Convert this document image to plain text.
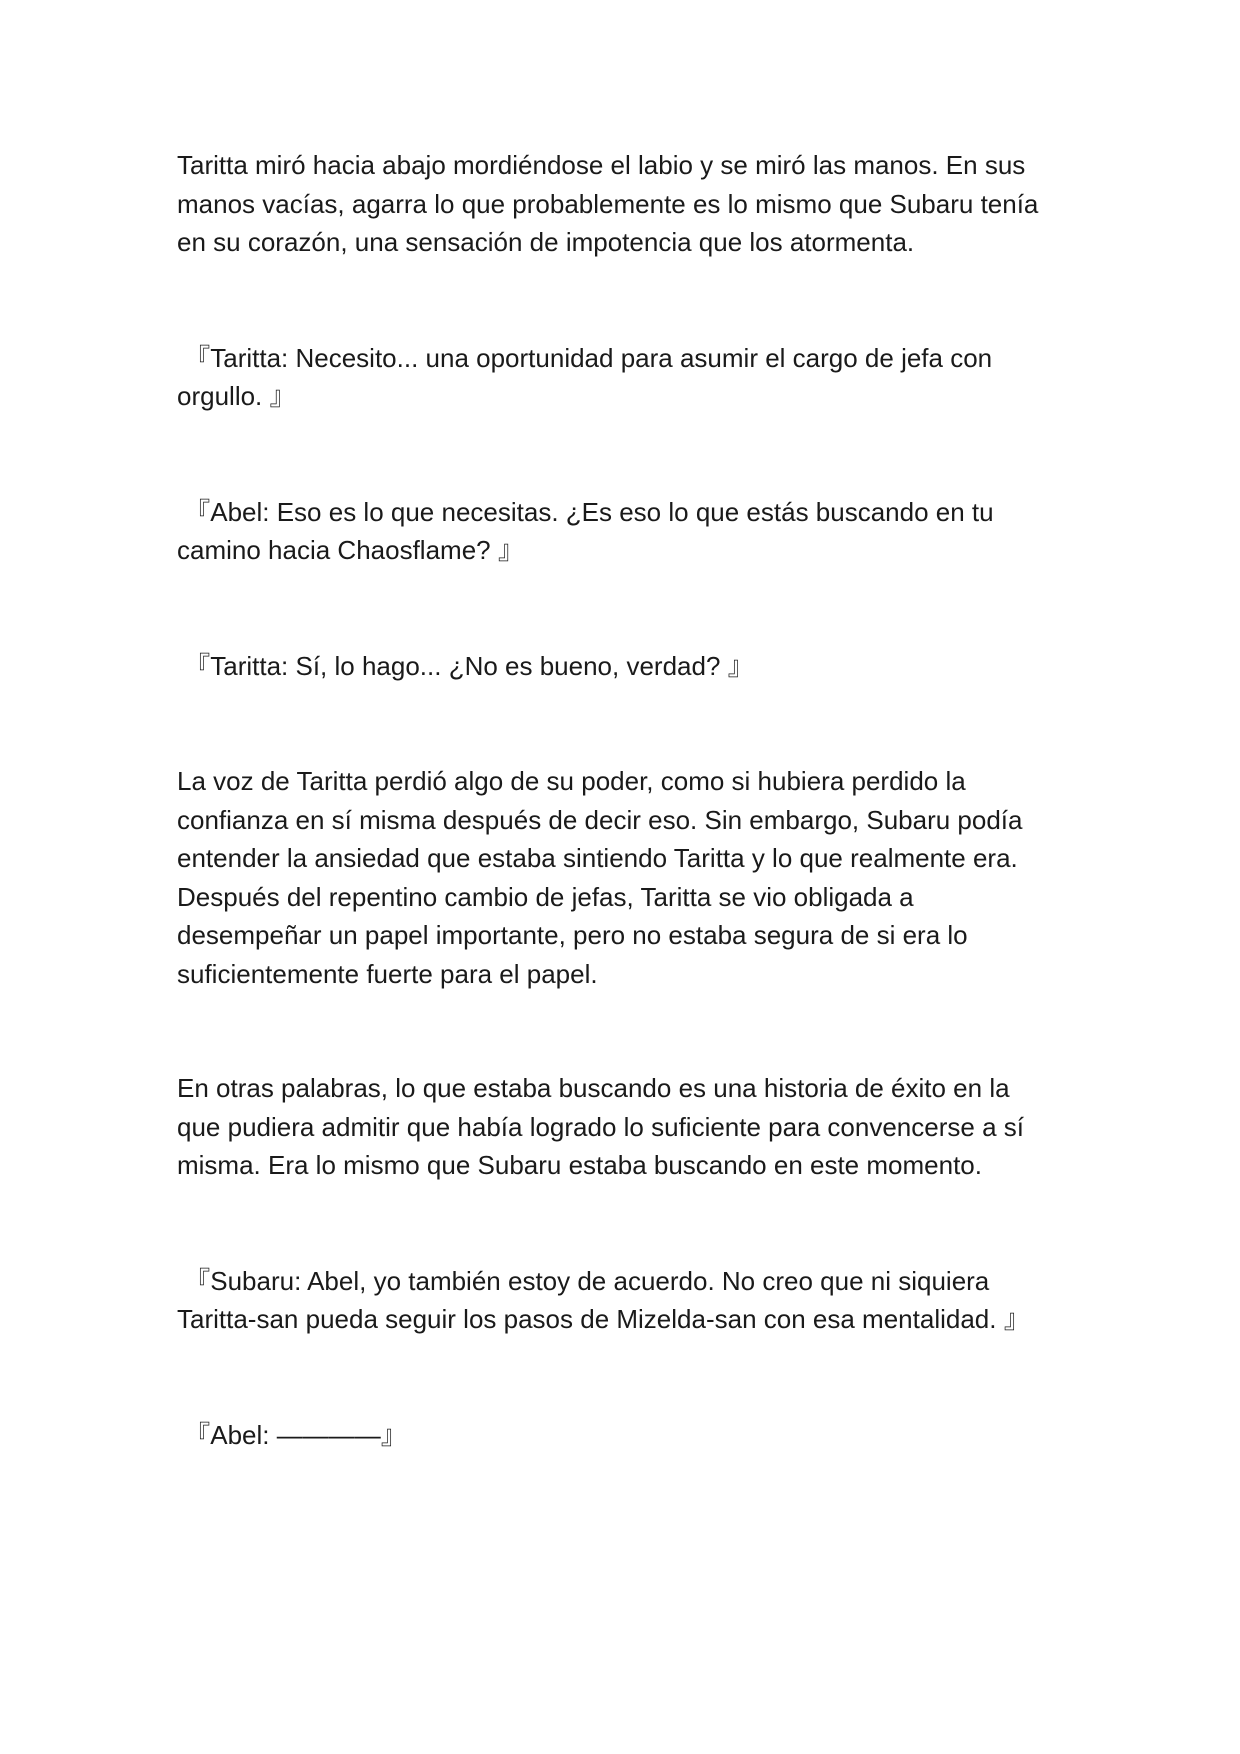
Taritta miró hacia abajo mordiéndose el labio y se miró las manos. En sus
manos vacías, agarra lo que probablemente es lo mismo que Subaru tenía
en su corazón, una sensación de impotencia que los atormenta.

『Taritta: Necesito... una oportunidad para asumir el cargo de jefa con
orgullo. 』

『Abel: Eso es lo que necesitas. ¿Es eso lo que estás buscando en tu
camino hacia Chaosflame? 』

『Taritta: Sí, lo hago... ¿No es bueno, verdad? 』

La voz de Taritta perdió algo de su poder, como si hubiera perdido la
confianza en sí misma después de decir eso. Sin embargo, Subaru podía
entender la ansiedad que estaba sintiendo Taritta y lo que realmente era.
Después del repentino cambio de jefas, Taritta se vio obligada a
desempeñar un papel importante, pero no estaba segura de si era lo
suficientemente fuerte para el papel.

En otras palabras, lo que estaba buscando es una historia de éxito en la
que pudiera admitir que había logrado lo suficiente para convencerse a sí
misma. Era lo mismo que Subaru estaba buscando en este momento.

『Subaru: Abel, yo también estoy de acuerdo. No creo que ni siquiera
Taritta-san pueda seguir los pasos de Mizelda-san con esa mentalidad. 』

『Abel: ――――』
